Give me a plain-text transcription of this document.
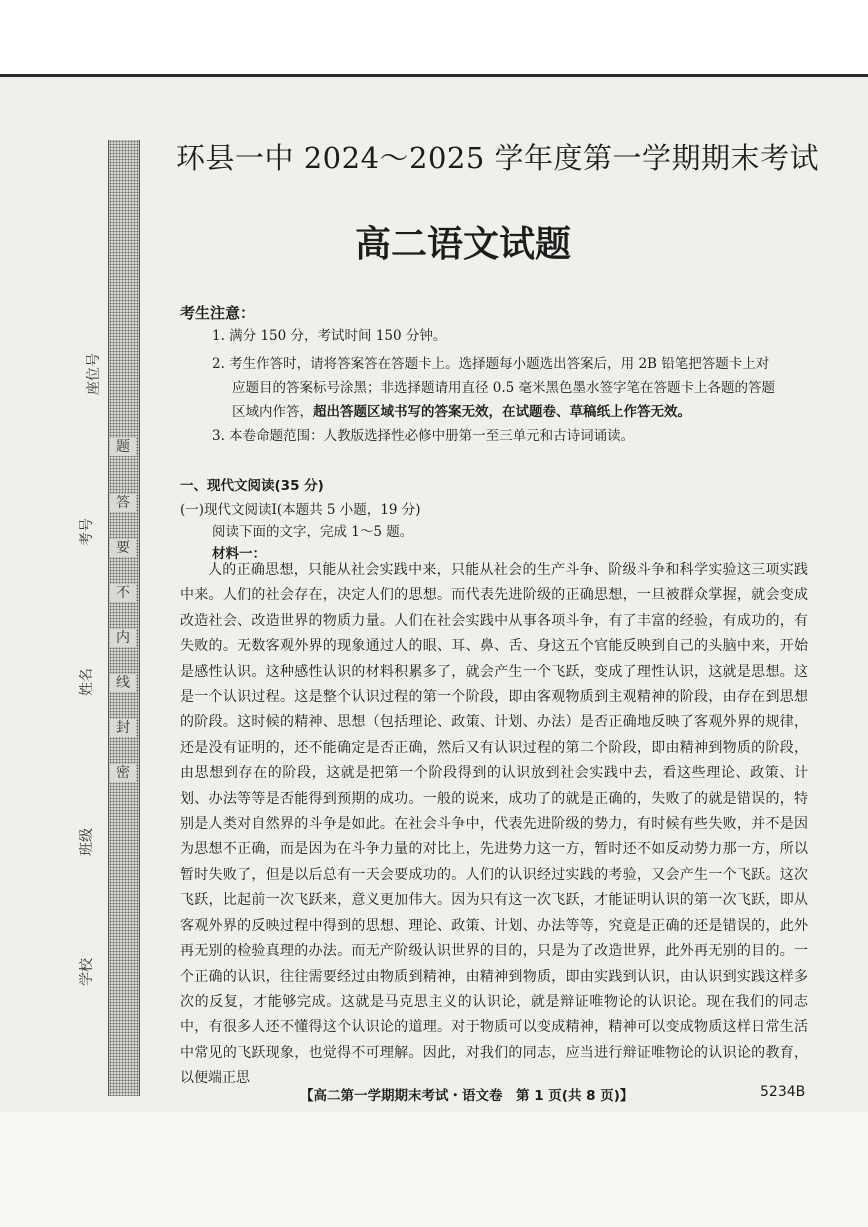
题
答
要
不
内
线
封
密
座位号
考号
姓名
班级
学校
环县一中 2024～2025 学年度第一学期期末考试
高二语文试题
考生注意：
1. 满分 150 分，考试时间 150 分钟。
2. 考生作答时，请将答案答在答题卡上。选择题每小题选出答案后，用 2B 铅笔把答题卡上对
应题目的答案标号涂黑；非选择题请用直径 0.5 毫米黑色墨水签字笔在答题卡上各题的答题
区域内作答，超出答题区域书写的答案无效，在试题卷、草稿纸上作答无效。
3. 本卷命题范围：人教版选择性必修中册第一至三单元和古诗词诵读。
一、现代文阅读(35 分)
(一)现代文阅读Ⅰ(本题共 5 小题，19 分)
阅读下面的文字，完成 1～5 题。
材料一：

人的正确思想，只能从社会实践中来，只能从社会的生产斗争、阶级斗争和科学实验这三项实践中来。人们的社会存在，决定人们的思想。而代表先进阶级的正确思想，一旦被群众掌握，就会变成改造社会、改造世界的物质力量。人们在社会实践中从事各项斗争，有了丰富的经验，有成功的，有失败的。无数客观外界的现象通过人的眼、耳、鼻、舌、身这五个官能反映到自己的头脑中来，开始是感性认识。这种感性认识的材料积累多了，就会产生一个飞跃，变成了理性认识，这就是思想。这是一个认识过程。这是整个认识过程的第一个阶段，即由客观物质到主观精神的阶段，由存在到思想的阶段。这时候的精神、思想（包括理论、政策、计划、办法）是否正确地反映了客观外界的规律，还是没有证明的，还不能确定是否正确，然后又有认识过程的第二个阶段，即由精神到物质的阶段，由思想到存在的阶段，这就是把第一个阶段得到的认识放到社会实践中去，看这些理论、政策、计划、办法等等是否能得到预期的成功。一般的说来，成功了的就是正确的，失败了的就是错误的，特别是人类对自然界的斗争是如此。在社会斗争中，代表先进阶级的势力，有时候有些失败，并不是因为思想不正确，而是因为在斗争力量的对比上，先进势力这一方，暂时还不如反动势力那一方，所以暂时失败了，但是以后总有一天会要成功的。人们的认识经过实践的考验，又会产生一个飞跃。这次飞跃，比起前一次飞跃来，意义更加伟大。因为只有这一次飞跃，才能证明认识的第一次飞跃，即从客观外界的反映过程中得到的思想、理论、政策、计划、办法等等，究竟是正确的还是错误的，此外再无别的检验真理的办法。而无产阶级认识世界的目的，只是为了改造世界，此外再无别的目的。一个正确的认识，往往需要经过由物质到精神，由精神到物质，即由实践到认识，由认识到实践这样多次的反复，才能够完成。这就是马克思主义的认识论，就是辩证唯物论的认识论。现在我们的同志中，有很多人还不懂得这个认识论的道理。对于物质可以变成精神，精神可以变成物质这样日常生活中常见的飞跃现象，也觉得不可理解。因此，对我们的同志，应当进行辩证唯物论的认识论的教育，以便端正思

【高二第一学期期末考试・语文卷　第 1 页(共 8 页)】	5234B
